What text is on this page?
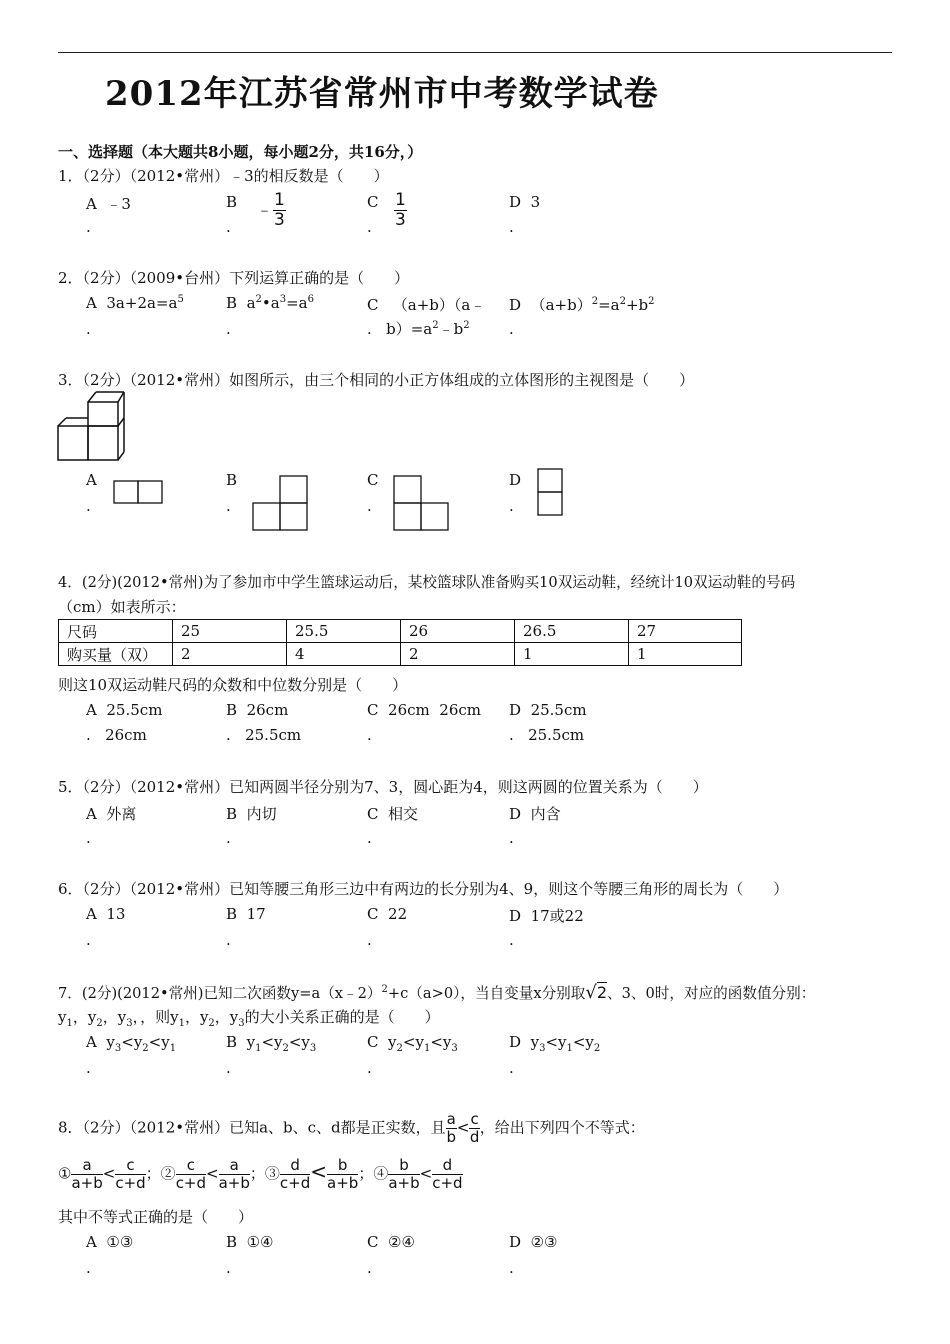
2012年江苏省常州市中考数学试卷
一、选择题（本大题共8小题，每小题2分，共16分，）
1．（2分）（2012•常州）﹣3的相反数是（　　）
A ﹣3
.
B ﹣ $\frac{1}{3}$
.
C $\frac{1}{3}$
.
D 3
.
2．（2分）（2009•台州）下列运算正确的是（　　）
A $3a+2a=a^5$
.
B $a^2•a^3=a^6$
.
C （a+b）（a﹣
. $b)=a^2﹣b^2$
D $(a+b)^2=a^2+b^2$
.
3．（2分）（2012•常州）如图所示，由三个相同的小正方体组成的立体图形的主视图是（　　）
A
.
B
.
C
.
D
.
4．(2分)(2012•常州)为了参加市中学生篮球运动后，某校篮球队准备购买10双运动鞋，经统计10双运动鞋的号码
（cm）如表所示：
尺码	25	25.5	26	26.5	27
购买量（双）	2	4	2	1	1
则这10双运动鞋尺码的众数和中位数分别是（　　）
A 25.5cm
. 26cm
B 26cm
. 25.5cm
C 26cm  26cm
.
D 25.5cm
. 25.5cm
5．（2分）（2012•常州）已知两圆半径分别为7、3，圆心距为4，则这两圆的位置关系为（　　）
A 外离
.
B 内切
.
C 相交
.
D 内含
.
6．（2分）（2012•常州）已知等腰三角形三边中有两边的长分别为4、9，则这个等腰三角形的周长为（　　）
A 13
.
B 17
.
C 22
.
D 17或22
.
7．(2分)(2012•常州)已知二次函数y=a（x﹣2）$^2$+c（a>0），当自变量x分别取√2、3、0时，对应的函数值分别：
$y_1$，$y_2$，$y_3$，，则$y_1$，$y_2$，$y_3$的大小关系正确的是（　　）
A $y_3<y_2<y_1$
.
B $y_1<y_2<y_3$
.
C $y_2<y_1<y_3$
.
D $y_3<y_1<y_2$
.
8．（2分）（2012•常州）已知a、b、c、d都是正实数，且 $\frac{a}{b} < \frac{c}{d}$ ，给出下列四个不等式：
① $\frac{a}{a+b} < \frac{c}{c+d}$ ；② $\frac{c}{c+d} < \frac{a}{a+b}$ ；③ $\frac{d}{c+d} < \frac{b}{a+b}$ ；④ $\frac{b}{a+b} < \frac{d}{c+d}$
其中不等式正确的是（　　）
A ①③
.
B ①④
.
C ②④
.
D ②③
.
